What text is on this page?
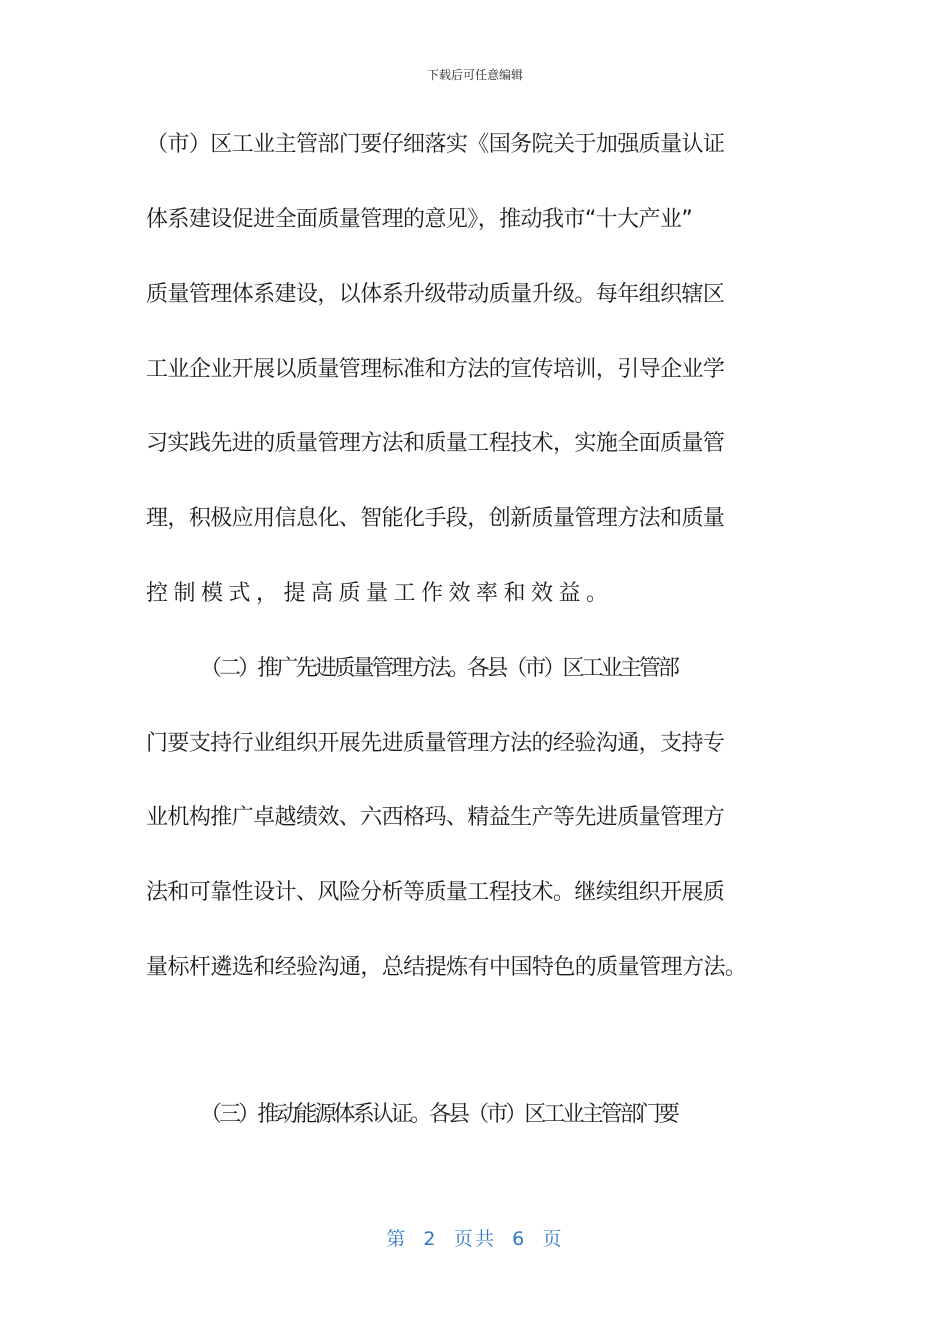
下载后可任意编辑
（市）区工业主管部门要仔细落实《国务院关于加强质量认证
体系建设促进全面质量管理的意见》，推动我市“十大产业”
质量管理体系建设，以体系升级带动质量升级。每年组织辖区
工业企业开展以质量管理标准和方法的宣传培训，引导企业学
习实践先进的质量管理方法和质量工程技术，实施全面质量管
理，积极应用信息化、智能化手段，创新质量管理方法和质量
控制模式，提高质量工作效率和效益。
（二）推广先进质量管理方法。各县（市）区工业主管部
门要支持行业组织开展先进质量管理方法的经验沟通，支持专
业机构推广卓越绩效、六西格玛、精益生产等先进质量管理方
法和可靠性设计、风险分析等质量工程技术。继续组织开展质
量标杆遴选和经验沟通，总结提炼有中国特色的质量管理方法。
（三）推动能源体系认证。各县（市）区工业主管部门要
第 2 页共 6 页
